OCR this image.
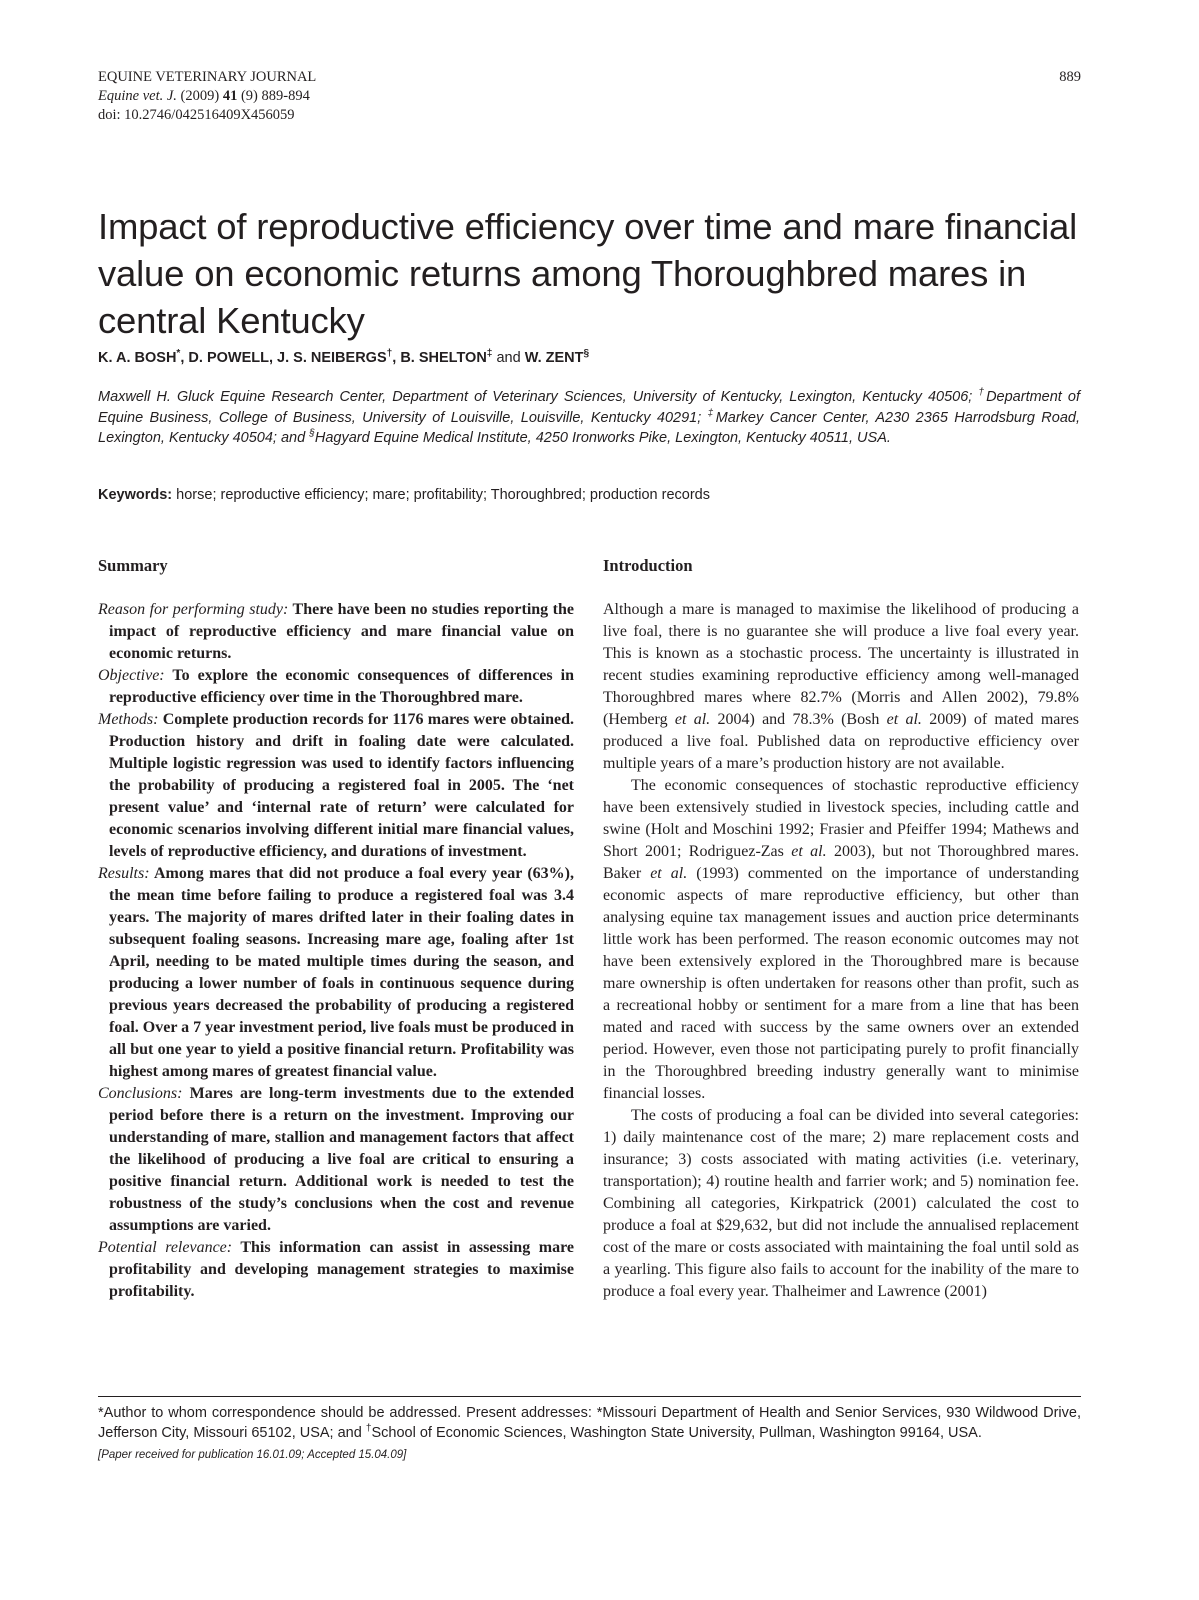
EQUINE VETERINARY JOURNAL
Equine vet. J. (2009) 41 (9) 889-894
doi: 10.2746/042516409X456059
889
Impact of reproductive efficiency over time and mare financial value on economic returns among Thoroughbred mares in central Kentucky
K. A. BOSH*, D. POWELL, J. S. NEIBERGS†, B. SHELTON‡ and W. ZENT§
Maxwell H. Gluck Equine Research Center, Department of Veterinary Sciences, University of Kentucky, Lexington, Kentucky 40506; †Department of Equine Business, College of Business, University of Louisville, Louisville, Kentucky 40291; ‡Markey Cancer Center, A230 2365 Harrodsburg Road, Lexington, Kentucky 40504; and §Hagyard Equine Medical Institute, 4250 Ironworks Pike, Lexington, Kentucky 40511, USA.
Keywords: horse; reproductive efficiency; mare; profitability; Thoroughbred; production records
Summary

Reason for performing study: There have been no studies reporting the impact of reproductive efficiency and mare financial value on economic returns.

Objective: To explore the economic consequences of differences in reproductive efficiency over time in the Thoroughbred mare.

Methods: Complete production records for 1176 mares were obtained. Production history and drift in foaling date were calculated. Multiple logistic regression was used to identify factors influencing the probability of producing a registered foal in 2005. The ‘net present value’ and ‘internal rate of return’ were calculated for economic scenarios involving different initial mare financial values, levels of reproductive efficiency, and durations of investment.

Results: Among mares that did not produce a foal every year (63%), the mean time before failing to produce a registered foal was 3.4 years. The majority of mares drifted later in their foaling dates in subsequent foaling seasons. Increasing mare age, foaling after 1st April, needing to be mated multiple times during the season, and producing a lower number of foals in continuous sequence during previous years decreased the probability of producing a registered foal. Over a 7 year investment period, live foals must be produced in all but one year to yield a positive financial return. Profitability was highest among mares of greatest financial value.

Conclusions: Mares are long-term investments due to the extended period before there is a return on the investment. Improving our understanding of mare, stallion and management factors that affect the likelihood of producing a live foal are critical to ensuring a positive financial return. Additional work is needed to test the robustness of the study’s conclusions when the cost and revenue assumptions are varied.

Potential relevance: This information can assist in assessing mare profitability and developing management strategies to maximise profitability.

Introduction

Although a mare is managed to maximise the likelihood of producing a live foal, there is no guarantee she will produce a live foal every year. This is known as a stochastic process. The uncertainty is illustrated in recent studies examining reproductive efficiency among well-managed Thoroughbred mares where 82.7% (Morris and Allen 2002), 79.8% (Hemberg et al. 2004) and 78.3% (Bosh et al. 2009) of mated mares produced a live foal. Published data on reproductive efficiency over multiple years of a mare’s production history are not available.

The economic consequences of stochastic reproductive efficiency have been extensively studied in livestock species, including cattle and swine (Holt and Moschini 1992; Frasier and Pfeiffer 1994; Mathews and Short 2001; Rodriguez-Zas et al. 2003), but not Thoroughbred mares. Baker et al. (1993) commented on the importance of understanding economic aspects of mare reproductive efficiency, but other than analysing equine tax management issues and auction price determinants little work has been performed. The reason economic outcomes may not have been extensively explored in the Thoroughbred mare is because mare ownership is often undertaken for reasons other than profit, such as a recreational hobby or sentiment for a mare from a line that has been mated and raced with success by the same owners over an extended period. However, even those not participating purely to profit financially in the Thoroughbred breeding industry generally want to minimise financial losses.

The costs of producing a foal can be divided into several categories: 1) daily maintenance cost of the mare; 2) mare replacement costs and insurance; 3) costs associated with mating activities (i.e. veterinary, transportation); 4) routine health and farrier work; and 5) nomination fee. Combining all categories, Kirkpatrick (2001) calculated the cost to produce a foal at $29,632, but did not include the annualised replacement cost of the mare or costs associated with maintaining the foal until sold as a yearling. This figure also fails to account for the inability of the mare to produce a foal every year. Thalheimer and Lawrence (2001)

*Author to whom correspondence should be addressed. Present addresses: *Missouri Department of Health and Senior Services, 930 Wildwood Drive, Jefferson City, Missouri 65102, USA; and †School of Economic Sciences, Washington State University, Pullman, Washington 99164, USA.

[Paper received for publication 16.01.09; Accepted 15.04.09]
